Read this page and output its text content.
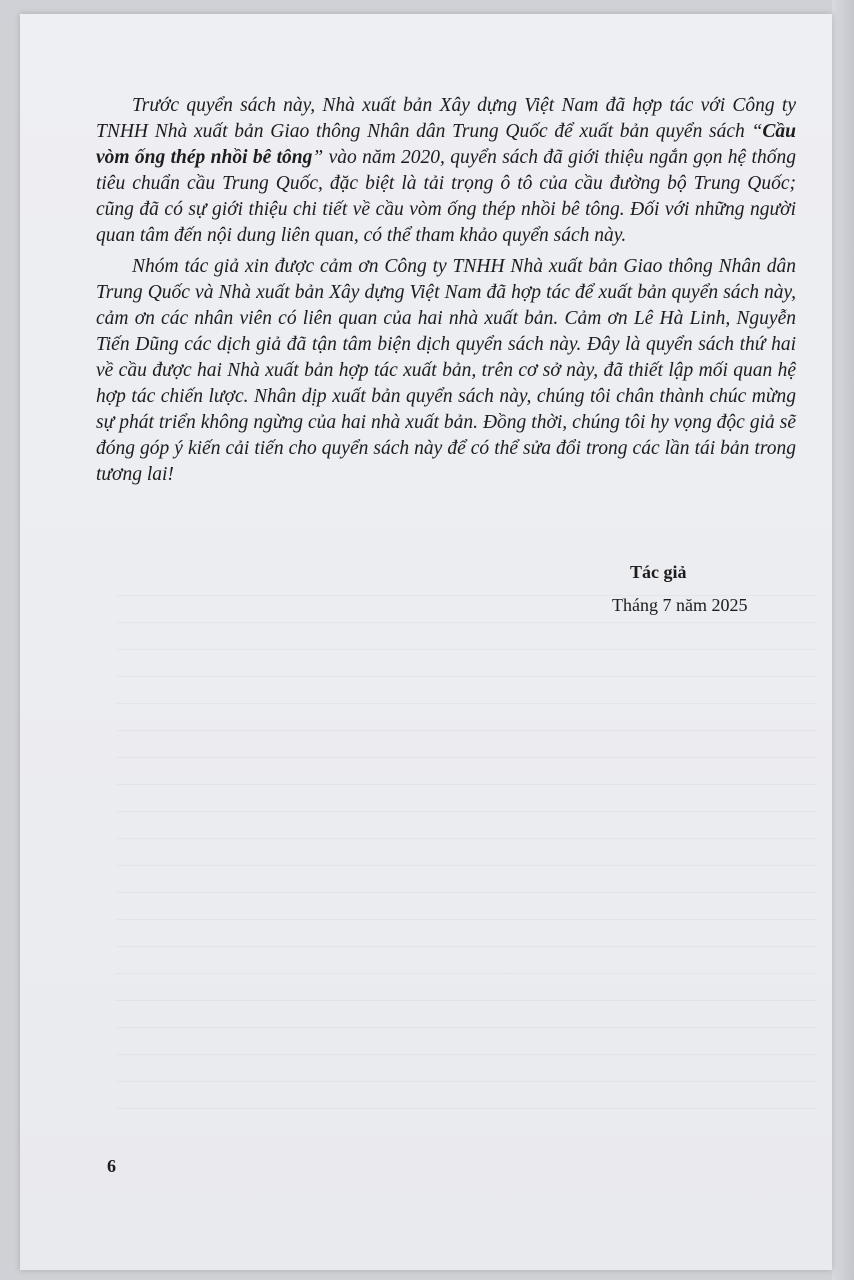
Trước quyển sách này, Nhà xuất bản Xây dựng Việt Nam đã hợp tác với Công ty TNHH Nhà xuất bản Giao thông Nhân dân Trung Quốc để xuất bản quyển sách “Cầu vòm ống thép nhồi bê tông” vào năm 2020, quyển sách đã giới thiệu ngắn gọn hệ thống tiêu chuẩn cầu Trung Quốc, đặc biệt là tải trọng ô tô của cầu đường bộ Trung Quốc; cũng đã có sự giới thiệu chi tiết về cầu vòm ống thép nhồi bê tông. Đối với những người quan tâm đến nội dung liên quan, có thể tham khảo quyển sách này.

Nhóm tác giả xin được cảm ơn Công ty TNHH Nhà xuất bản Giao thông Nhân dân Trung Quốc và Nhà xuất bản Xây dựng Việt Nam đã hợp tác để xuất bản quyển sách này, cảm ơn các nhân viên có liên quan của hai nhà xuất bản. Cảm ơn Lê Hà Linh, Nguyễn Tiến Dũng các dịch giả đã tận tâm biện dịch quyển sách này. Đây là quyển sách thứ hai về cầu được hai Nhà xuất bản hợp tác xuất bản, trên cơ sở này, đã thiết lập mối quan hệ hợp tác chiến lược. Nhân dịp xuất bản quyển sách này, chúng tôi chân thành chúc mừng sự phát triển không ngừng của hai nhà xuất bản. Đồng thời, chúng tôi hy vọng độc giả sẽ đóng góp ý kiến cải tiến cho quyển sách này để có thể sửa đổi trong các lần tái bản trong tương lai!

Tác giả
Tháng 7 năm 2025
6
